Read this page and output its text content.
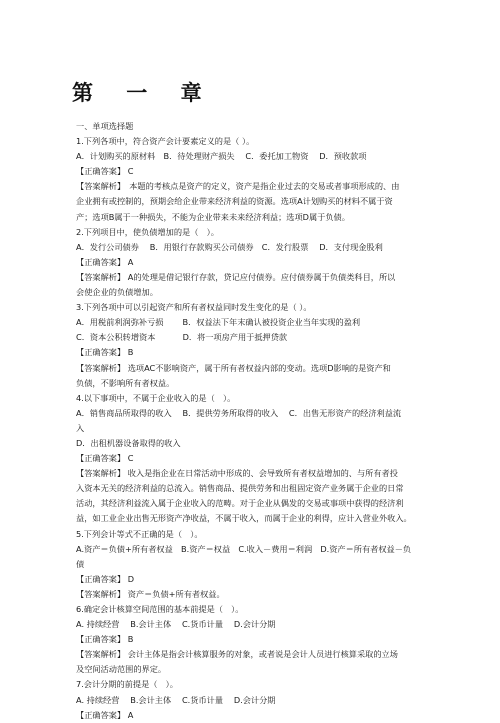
第 一 章
一、单项选择题
1.下列各项中，符合资产会计要素定义的是（ ）。
A．计划购买的原材料　B．待处理财产损失　 C．委托加工物资　 D．预收款项
【正确答案】 C
【答案解析】　本题的考核点是资产的定义，资产是指企业过去的交易或者事项形成的、由
企业拥有或控制的，预期会给企业带来经济利益的资源。选项A计划购买的材料不属于资
产；选项B属于一种损失，不能为企业带来未来经济利益；选项D属于负债。
2.下列项目中，使负债增加的是（　）。
A．发行公司债券　 B．用银行存款购买公司债券　C．发行股票　 D．支付现金股利
【正确答案】 A
【答案解析】 A的处理是借记银行存款，贷记应付债券。应付债券属于负债类科目，所以
会使企业的负债增加。
3.下列各项中可以引起资产和所有者权益同时发生变化的是（ ）。
A．用税前利润弥补亏损　　 B．权益法下年末确认被投资企业当年实现的盈利
C．资本公积转增资本　　　 D．将一项房产用于抵押贷款
【正确答案】 B
【答案解析】 选项AC不影响资产，属于所有者权益内部的变动。选项D影响的是资产和
负债，不影响所有者权益。
4.以下事项中，不属于企业收入的是（　）。
A．销售商品所取得的收入　 B．提供劳务所取得的收入　 C．出售无形资产的经济利益流
入
D．出租机器设备取得的收入
【正确答案】 C
【答案解析】 收入是指企业在日常活动中形成的、会导致所有者权益增加的、与所有者投
入资本无关的经济利益的总流入。销售商品、提供劳务和出租固定资产业务属于企业的日常
活动，其经济利益流入属于企业收入的范畴。对于企业从偶发的交易或事项中获得的经济利
益，如工业企业出售无形资产净收益，不属于收入，而属于企业的利得，应计入营业外收入。
5.下列会计等式不正确的是（　）。
A.资产＝负债+所有者权益　B.资产＝权益　C.收入－费用＝利润　D.资产＝所有者权益－负
债
【正确答案】 D
【答案解析】 资产＝负债+所有者权益。
6.确定会计核算空间范围的基本前提是（　）。
A. 持续经营　 B.会计主体　 C.货币计量　 D.会计分期
【正确答案】 B
【答案解析】 会计主体是指会计核算服务的对象，或者说是会计人员进行核算采取的立场
及空间活动范围的界定。
7.会计分期的前提是（　）。
A. 持续经营　 B.会计主体　 C.货币计量　 D.会计分期
【正确答案】 A
